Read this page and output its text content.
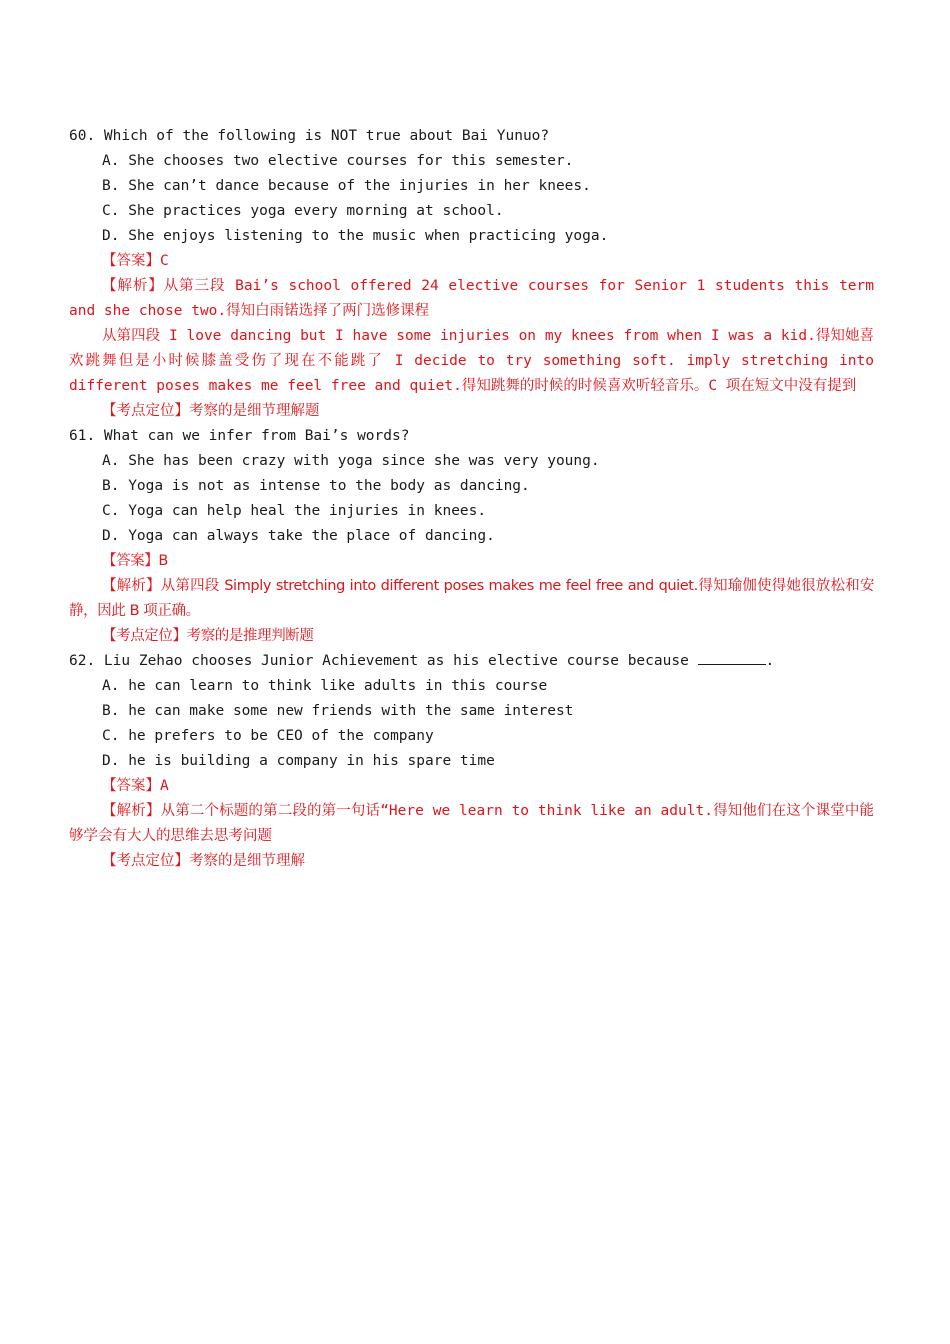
60. Which of the following is NOT true about Bai Yunuo?
A. She chooses two elective courses for this semester.
B. She can’t dance because of the injuries in her knees.
C. She practices yoga every morning at school.
D. She enjoys listening to the music when practicing yoga.
【答案】C
【解析】从第三段 Bai’s school offered 24 elective courses for Senior 1 students this term and she chose two.得知白雨锘选择了两门选修课程
从第四段 I love dancing but I have some injuries on my knees from when I was a kid.得知她喜欢跳舞但是小时候膝盖受伤了现在不能跳了 I decide to try something soft. imply stretching into different poses makes me feel free and quiet.得知跳舞的时候的时候喜欢听轻音乐。C 项在短文中没有提到
【考点定位】考察的是细节理解题
61. What can we infer from Bai’s words?
A. She has been crazy with yoga since she was very young.
B. Yoga is not as intense to the body as dancing.
C. Yoga can help heal the injuries in knees.
D. Yoga can always take the place of dancing.
【答案】B
【解析】从第四段 Simply stretching into different poses makes me feel free and quiet.得知瑜伽使得她很放松和安静，因此 B 项正确。
【考点定位】考察的是推理判断题
62. Liu Zehao chooses Junior Achievement as his elective course because	.
A. he can learn to think like adults in this course
B. he can make some new friends with the same interest
C. he prefers to be CEO of the company
D. he is building a company in his spare time
【答案】A
【解析】从第二个标题的第二段的第一句话“Here we learn to think like an adult.得知他们在这个课堂中能够学会有大人的思维去思考问题
【考点定位】考察的是细节理解
